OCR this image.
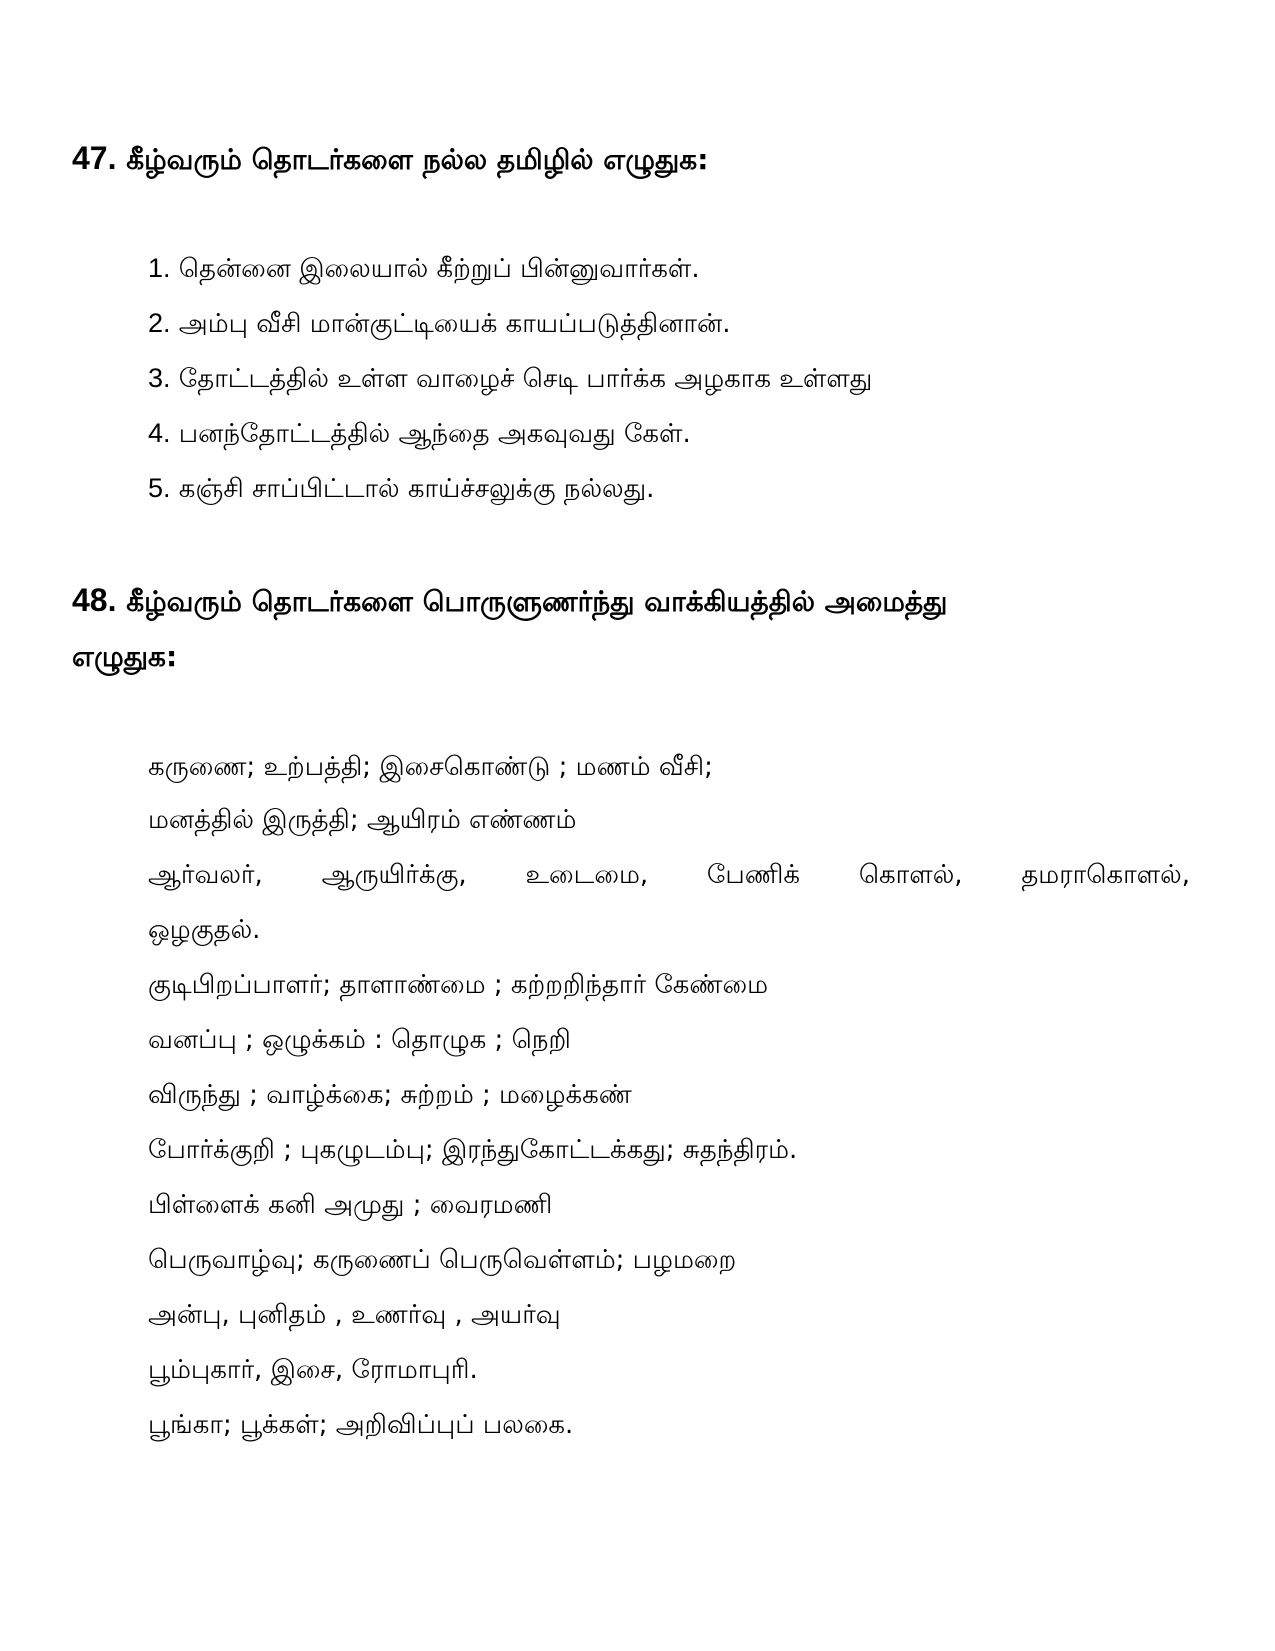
47. கீழ்வரும் தொடர்களை நல்ல தமிழில் எழுதுக:

1. தென்னை இலையால் கீற்றுப் பின்னுவார்கள்.

2. அம்பு வீசி மான்குட்டியைக் காயப்படுத்தினான்.

3. தோட்டத்தில் உள்ள வாழைச் செடி பார்க்க அழகாக உள்ளது

4. பனந்தோட்டத்தில் ஆந்தை அகவுவது கேள்.

5. கஞ்சி சாப்பிட்டால் காய்ச்சலுக்கு நல்லது.

48. கீழ்வரும் தொடர்களை பொருளுணர்ந்து வாக்கியத்தில் அமைத்து

எழுதுக:

கருணை; உற்பத்தி; இசைகொண்டு ; மணம் வீசி;

மனத்தில் இருத்தி; ஆயிரம் எண்ணம்

ஆர்வலர், ஆருயிர்க்கு, உடைமை, பேணிக் கொளல், தமராகொளல்,

ஒழகுதல்.

குடிபிறப்பாளர்; தாளாண்மை ; கற்றறிந்தார் கேண்மை

வனப்பு ; ஒழுக்கம் : தொழுக ; நெறி

விருந்து ; வாழ்க்கை; சுற்றம் ; மழைக்கண்

போர்க்குறி ; புகழுடம்பு; இரந்துகோட்டக்கது; சுதந்திரம்.

பிள்ளைக் கனி அமுது ; வைரமணி

பெருவாழ்வு; கருணைப் பெருவெள்ளம்; பழமறை

அன்பு, புனிதம் , உணர்வு , அயர்வு

பூம்புகார், இசை, ரோமாபுரி.

பூங்கா; பூக்கள்; அறிவிப்புப் பலகை.
